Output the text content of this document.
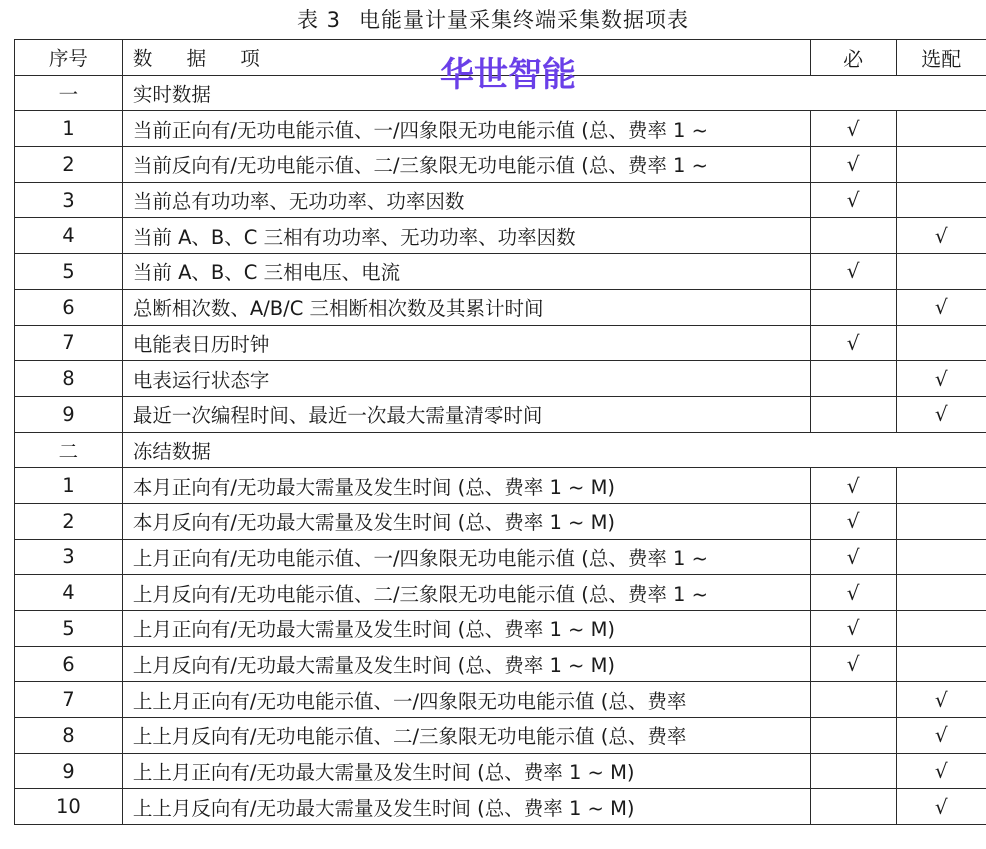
表 3 电能量计量采集终端采集数据项表
序号	数 据 项	必	选配
一	实时数据		
1	当前正向有/无功电能示值、一/四象限无功电能示值 (总、费率 1 ~	√	
2	当前反向有/无功电能示值、二/三象限无功电能示值 (总、费率 1 ~	√	
3	当前总有功功率、无功功率、功率因数	√	
4	当前 A、B、C 三相有功功率、无功功率、功率因数		√
5	当前 A、B、C 三相电压、电流	√	
6	总断相次数、A/B/C 三相断相次数及其累计时间		√
7	电能表日历时钟	√	
8	电表运行状态字		√
9	最近一次编程时间、最近一次最大需量清零时间		√
二	冻结数据		
1	本月正向有/无功最大需量及发生时间 (总、费率 1 ~ M)	√	
2	本月反向有/无功最大需量及发生时间 (总、费率 1 ~ M)	√	
3	上月正向有/无功电能示值、一/四象限无功电能示值 (总、费率 1 ~	√	
4	上月反向有/无功电能示值、二/三象限无功电能示值 (总、费率 1 ~	√	
5	上月正向有/无功最大需量及发生时间 (总、费率 1 ~ M)	√	
6	上月反向有/无功最大需量及发生时间 (总、费率 1 ~ M)	√	
7	上上月正向有/无功电能示值、一/四象限无功电能示值 (总、费率		√
8	上上月反向有/无功电能示值、二/三象限无功电能示值 (总、费率		√
9	上上月正向有/无功最大需量及发生时间 (总、费率 1 ~ M)		√
10	上上月反向有/无功最大需量及发生时间 (总、费率 1 ~ M)		√
华世智能
